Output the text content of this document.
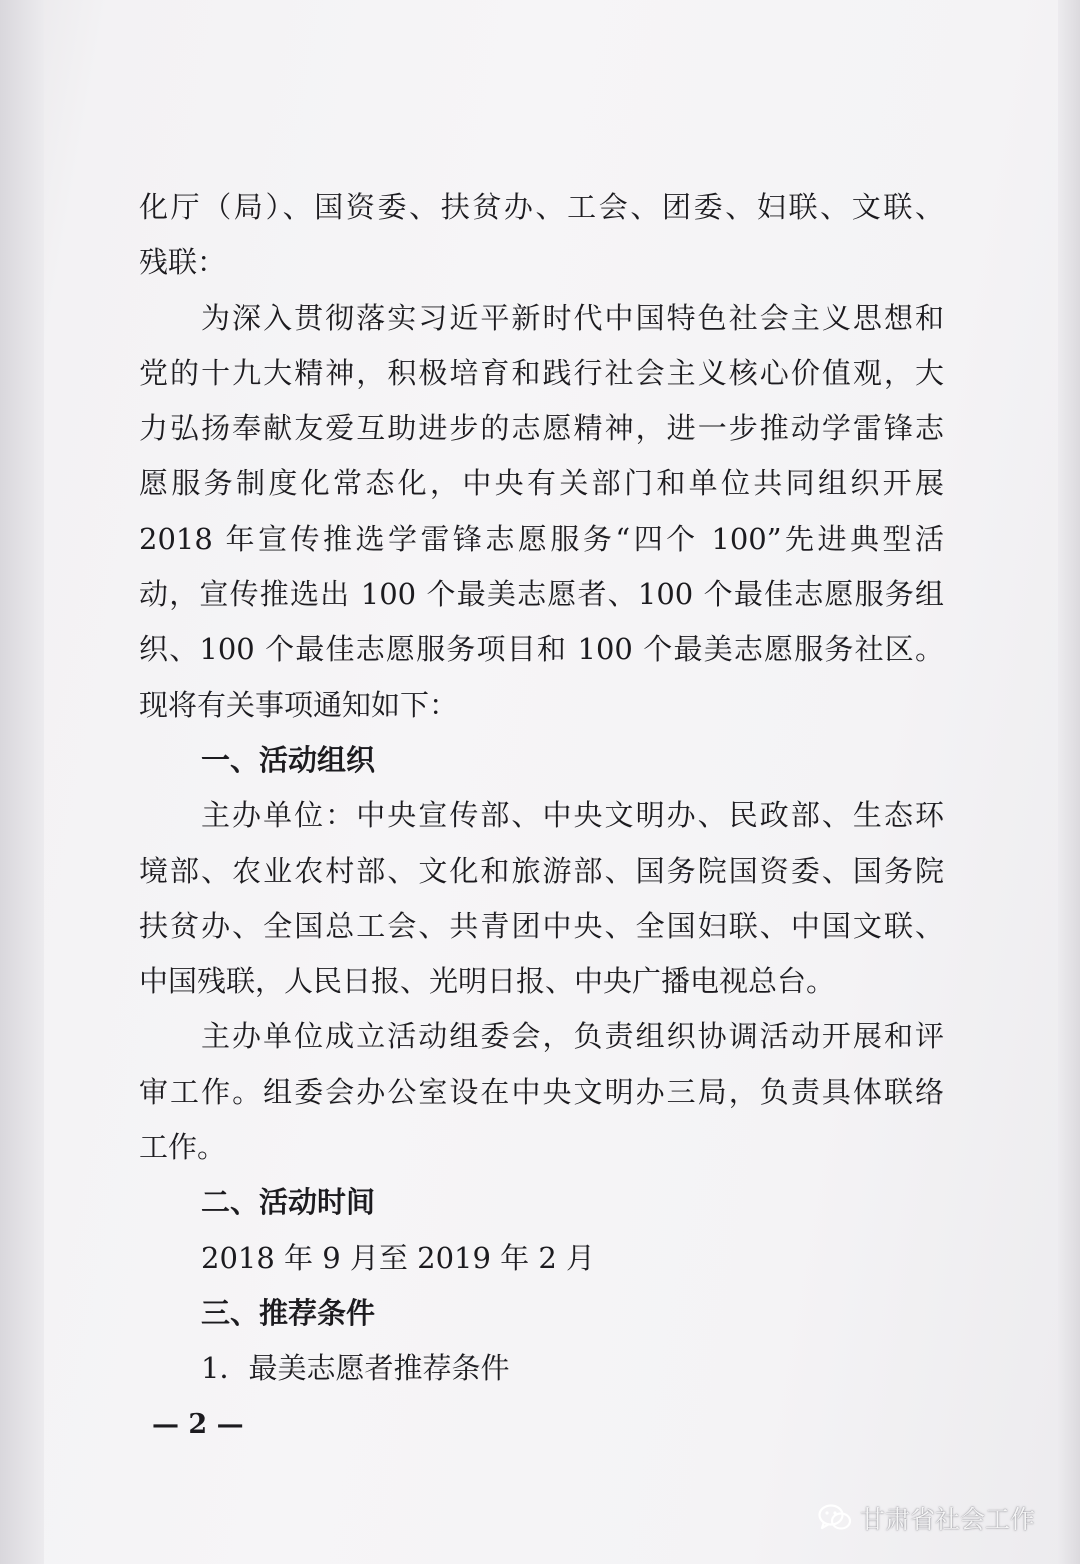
化厅（局）、国资委、扶贫办、工会、团委、妇联、文联、
残联：
为深入贯彻落实习近平新时代中国特色社会主义思想和
党的十九大精神，积极培育和践行社会主义核心价值观，大
力弘扬奉献友爱互助进步的志愿精神，进一步推动学雷锋志
愿服务制度化常态化，中央有关部门和单位共同组织开展
2018 年宣传推选学雷锋志愿服务“四个 100”先进典型活
动，宣传推选出 100 个最美志愿者、100 个最佳志愿服务组
织、100 个最佳志愿服务项目和 100 个最美志愿服务社区。
现将有关事项通知如下：
一、活动组织
主办单位：中央宣传部、中央文明办、民政部、生态环
境部、农业农村部、文化和旅游部、国务院国资委、国务院
扶贫办、全国总工会、共青团中央、全国妇联、中国文联、
中国残联，人民日报、光明日报、中央广播电视总台。
主办单位成立活动组委会，负责组织协调活动开展和评
审工作。组委会办公室设在中央文明办三局，负责具体联络
工作。
二、活动时间
2018 年 9 月至 2019 年 2 月
三、推荐条件
1．最美志愿者推荐条件
— 2 —
甘肃省社会工作
